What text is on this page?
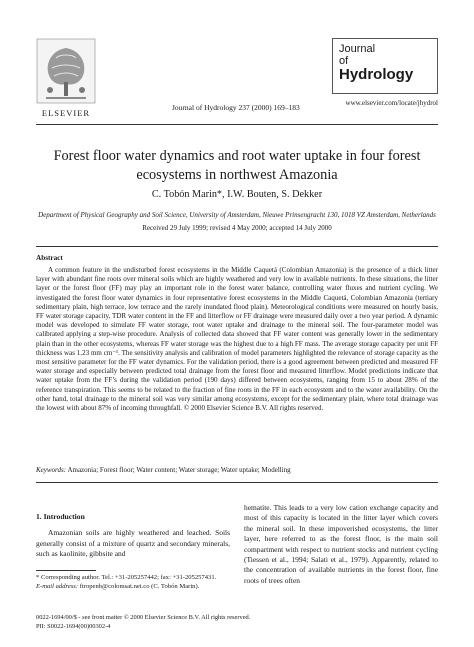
ELSEVIER
Journal of Hydrology 237 (2000) 169–183
Journal
of
Hydrology
www.elsevier.com/locate/jhydrol
Forest floor water dynamics and root water uptake in four forest
ecosystems in northwest Amazonia
C. Tobón Marin*, I.W. Bouten, S. Dekker
Department of Physical Geography and Soil Science, University of Amsterdam, Nieuwe Prinsengracht 130, 1018 VZ Amsterdam, Netherlands
Received 29 July 1999; revised 4 May 2000; accepted 14 July 2000
Abstract
A common feature in the undisturbed forest ecosystems in the Middle Caquetá (Colombian Amazonia) is the presence of a thick litter layer with abundant fine roots over mineral soils which are highly weathered and very low in available nutrients. In these situations, the litter layer or the forest floor (FF) may play an important role in the forest water balance, controlling water fluxes and nutrient cycling. We investigated the forest floor water dynamics in four representative forest ecosystems in the Middle Caquetá, Colombian Amazonia (tertiary sedimentary plain, high terrace, low terrace and the rarely inundated flood plain). Meteorological conditions were measured on hourly basis, FF water storage capacity, TDR water content in the FF and litterflow or FF drainage were measured daily over a two year period. A dynamic model was developed to simulate FF water storage, root water uptake and drainage to the mineral soil. The four-parameter model was calibrated applying a step-wise procedure. Analysis of collected data showed that FF water content was generally lower in the sedimentary plain than in the other ecosystems, whereas FF water storage was the highest due to a high FF mass. The average storage capacity per unit FF thickness was 1.23 mm cm⁻¹. The sensitivity analysis and calibration of model parameters highlighted the relevance of storage capacity as the most sensitive parameter for the FF water dynamics. For the validation period, there is a good agreement between predicted and measured FF water storage and especially between predicted total drainage from the forest floor and measured litterflow. Model predictions indicate that water uptake from the FF’s during the validation period (190 days) differed between ecosystems, ranging from 15 to about 28% of the reference transpiration. This seems to be related to the fraction of fine roots in the FF in each ecosystem and to the water availability. On the other hand, total drainage to the mineral soil was very similar among ecosystems, except for the sedimentary plain, where total drainage was the lowest with about 87% of incoming throughfall. © 2000 Elsevier Science B.V. All rights reserved.
Keywords: Amazonia; Forest floor; Water content; Water storage; Water uptake; Modelling
1. Introduction
Amazonian soils are highly weathered and leached. Soils generally consist of a mixture of quartz and secondary minerals, such as kaolinite, gibbsite and
hematite. This leads to a very low cation exchange capacity and most of this capacity is located in the litter layer which covers the mineral soil. In these impoverished ecosystems, the litter layer, here referred to as the forest floor, is the main soil compartment with respect to nutrient stocks and nutrient cycling (Tiessen et al., 1994; Salati et al., 1979). Apparently, related to the concentration of available nutrients in the forest floor, fine roots of trees often
* Corresponding author. Tel.: +31-205257442; fax: +31-205257431.
E-mail address: ftropenb@colomsat.net.co (C. Tobón Marin).
0022-1694/00/$ - see front matter © 2000 Elsevier Science B.V. All rights reserved.
PII: S0022-1694(00)00302-4
